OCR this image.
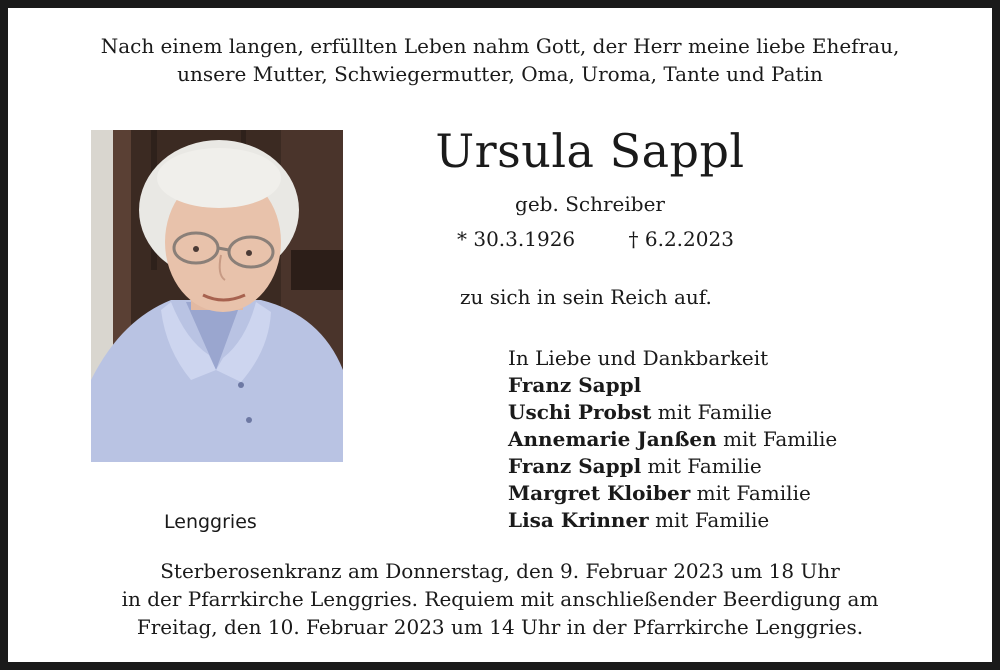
Nach einem langen, erfüllten Leben nahm Gott, der Herr meine liebe Ehefrau,
unsere Mutter, Schwiegermutter, Oma, Uroma, Tante und Patin
Ursula Sappl
geb. Schreiber
* 30.3.1926	† 6.2.2023
zu sich in sein Reich auf.
In Liebe und Dankbarkeit
Franz Sappl
Uschi Probst mit Familie
Annemarie Janßen mit Familie
Franz Sappl mit Familie
Margret Kloiber mit Familie
Lisa Krinner mit Familie
Lenggries
Sterberosenkranz am Donnerstag, den 9. Februar 2023 um 18 Uhr
in der Pfarrkirche Lenggries. Requiem mit anschließender Beerdigung am
Freitag, den 10. Februar 2023 um 14 Uhr in der Pfarrkirche Lenggries.
